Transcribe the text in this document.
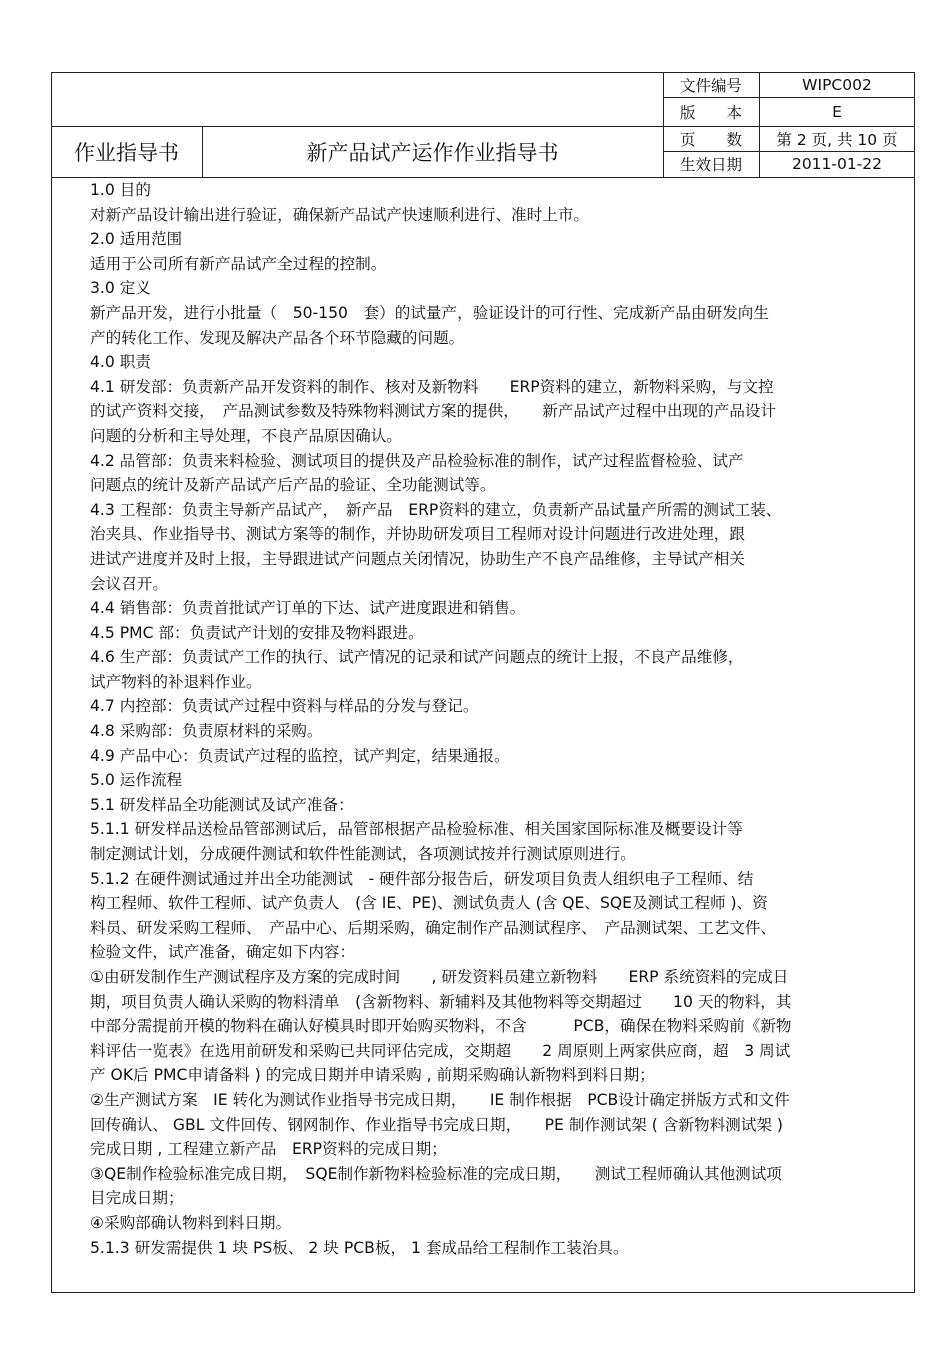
作业指导书	新产品试产运作作业指导书
文件编号	WIPC002
版　　本	E
页　　数	第 2 页, 共 10 页
生效日期	2011-01-22

1.0 目的

对新产品设计输出进行验证，确保新产品试产快速顺利进行、准时上市。

2.0 适用范围

适用于公司所有新产品试产全过程的控制。

3.0 定义

新产品开发，进行小批量（　50-150　套）的试量产，验证设计的可行性、完成新产品由研发向生

产的转化工作、发现及解决产品各个环节隐藏的问题。

4.0 职责

4.1 研发部：负责新产品开发资料的制作、核对及新物料　　ERP资料的建立，新物料采购，与文控

的试产资料交接，　产品测试参数及特殊物料测试方案的提供，　　新产品试产过程中出现的产品设计

问题的分析和主导处理，不良产品原因确认。

4.2 品管部：负责来料检验、测试项目的提供及产品检验标准的制作，试产过程监督检验、试产

问题点的统计及新产品试产后产品的验证、全功能测试等。

4.3 工程部：负责主导新产品试产，　新产品　ERP资料的建立，负责新产品试量产所需的测试工装、

治夹具、作业指导书、测试方案等的制作，并协助研发项目工程师对设计问题进行改进处理，跟

进试产进度并及时上报，主导跟进试产问题点关闭情况，协助生产不良产品维修，主导试产相关

会议召开。

4.4 销售部：负责首批试产订单的下达、试产进度跟进和销售。

4.5 PMC 部：负责试产计划的安排及物料跟进。

4.6 生产部：负责试产工作的执行、试产情况的记录和试产问题点的统计上报，不良产品维修，

试产物料的补退料作业。

4.7 内控部：负责试产过程中资料与样品的分发与登记。

4.8 采购部：负责原材料的采购。

4.9 产品中心：负责试产过程的监控，试产判定，结果通报。

5.0 运作流程

5.1 研发样品全功能测试及试产准备：

5.1.1 研发样品送检品管部测试后，品管部根据产品检验标准、相关国家国际标准及概要设计等

制定测试计划，分成硬件测试和软件性能测试，各项测试按并行测试原则进行。

5.1.2 在硬件测试通过并出全功能测试　- 硬件部分报告后，研发项目负责人组织电子工程师、结

构工程师、软件工程师、试产负责人　(含 IE、PE)、测试负责人 (含 QE、SQE及测试工程师 )、资

料员、研发采购工程师、　产品中心、后期采购，确定制作产品测试程序、　产品测试架、工艺文件、

检验文件，试产准备，确定如下内容：

①由研发制作生产测试程序及方案的完成时间　　, 研发资料员建立新物料　　ERP 系统资料的完成日

期，项目负责人确认采购的物料清单　(含新物料、新辅料及其他物料等交期超过　　10 天的物料，其

中部分需提前开模的物料在确认好模具时即开始购买物料，不含　　　PCB，确保在物料采购前《新物

料评估一览表》在选用前研发和采购已共同评估完成，交期超　　2 周原则上两家供应商，超　3 周试

产 OK后 PMC申请备料 ) 的完成日期并申请采购 , 前期采购确认新物料到料日期；

②生产测试方案　IE 转化为测试作业指导书完成日期，　　IE 制作根据　PCB设计确定拼版方式和文件

回传确认、 GBL 文件回传、钢网制作、作业指导书完成日期，　　PE 制作测试架 ( 含新物料测试架 )

完成日期 , 工程建立新产品　ERP资料的完成日期；

③QE制作检验标准完成日期，　SQE制作新物料检验标准的完成日期，　　测试工程师确认其他测试项

目完成日期；

④采购部确认物料到料日期。

5.1.3 研发需提供 1 块 PS板、 2 块 PCB板， 1 套成品给工程制作工装治具。
